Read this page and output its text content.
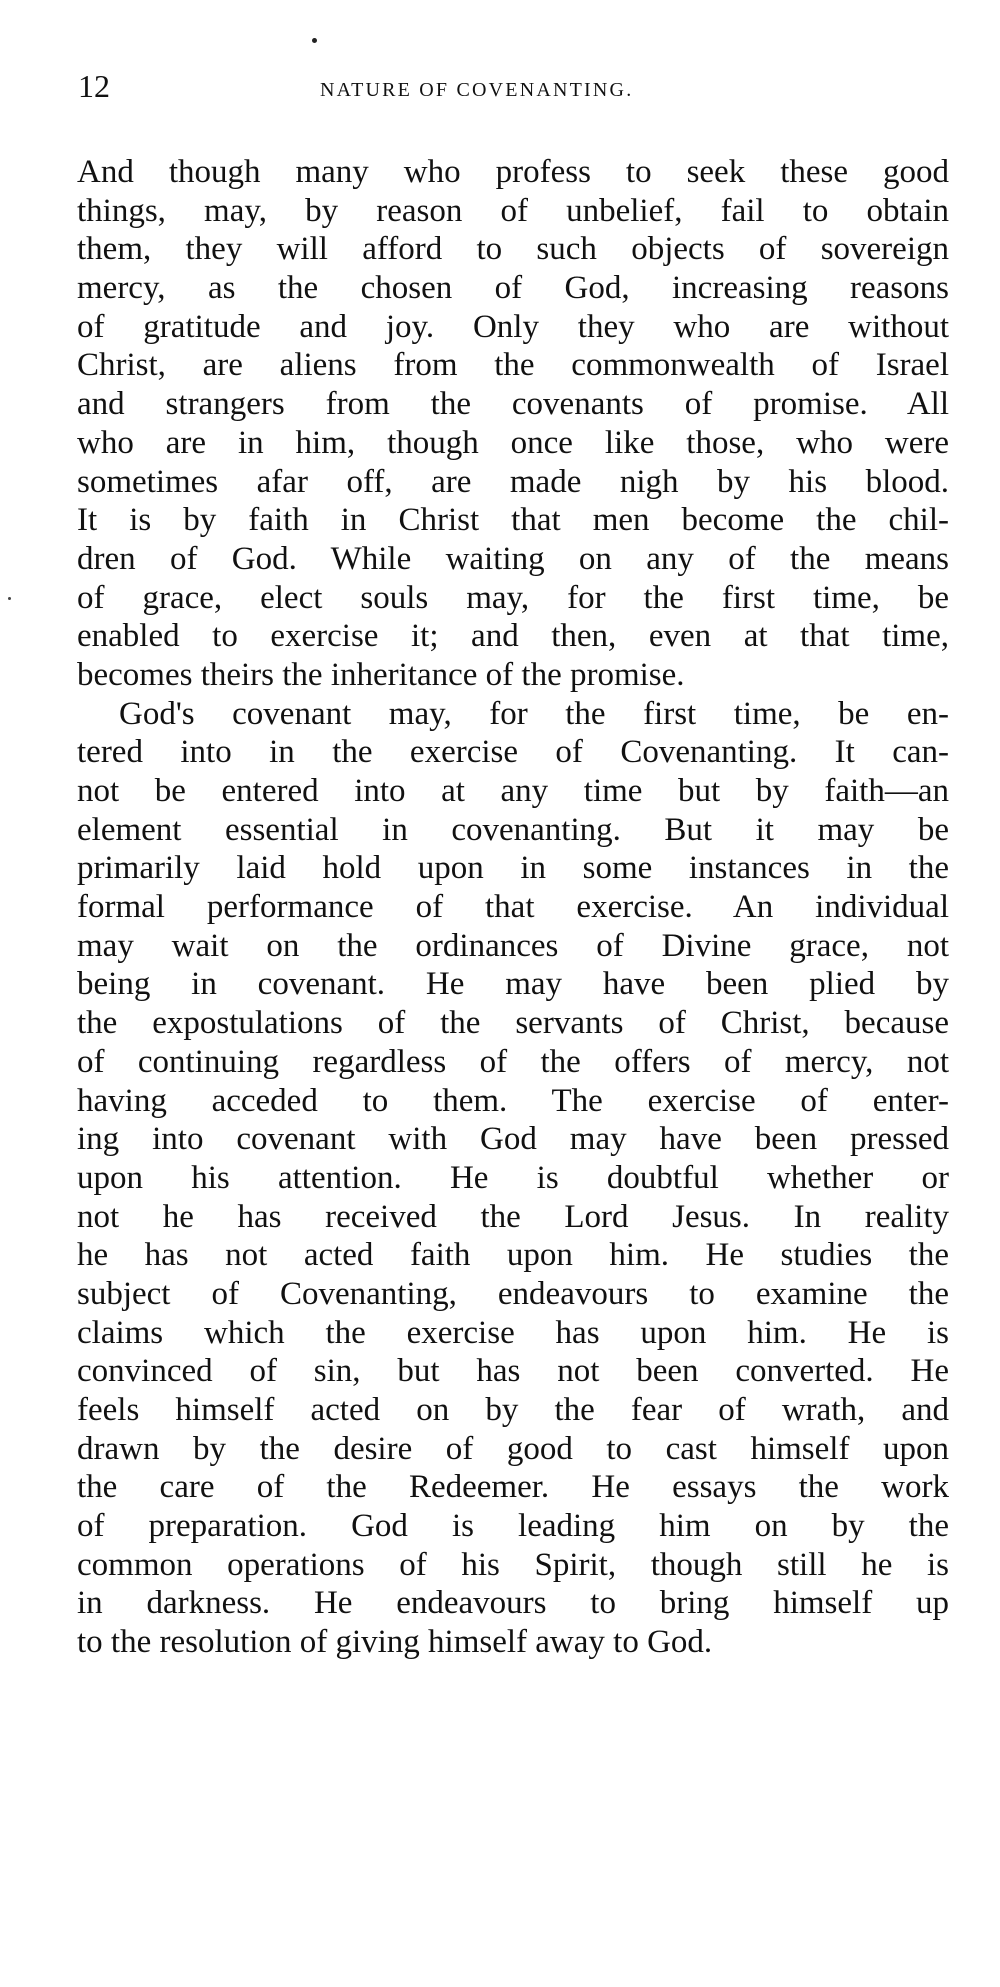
12	NATURE OF COVENANTING.
And though many who profess to seek these good
things, may, by reason of unbelief, fail to obtain
them, they will afford to such objects of sovereign
mercy, as the chosen of God, increasing reasons
of gratitude and joy. Only they who are without
Christ, are aliens from the commonwealth of Israel
and strangers from the covenants of promise. All
who are in him, though once like those, who were
sometimes afar off, are made nigh by his blood.
It is by faith in Christ that men become the chil-
dren of God. While waiting on any of the means
of grace, elect souls may, for the first time, be
enabled to exercise it; and then, even at that time,
becomes theirs the inheritance of the promise.
God's covenant may, for the first time, be en-
tered into in the exercise of Covenanting. It can-
not be entered into at any time but by faith—an
element essential in covenanting. But it may be
primarily laid hold upon in some instances in the
formal performance of that exercise. An individual
may wait on the ordinances of Divine grace, not
being in covenant. He may have been plied by
the expostulations of the servants of Christ, because
of continuing regardless of the offers of mercy, not
having acceded to them. The exercise of enter-
ing into covenant with God may have been pressed
upon his attention. He is doubtful whether or
not he has received the Lord Jesus. In reality
he has not acted faith upon him. He studies the
subject of Covenanting, endeavours to examine the
claims which the exercise has upon him. He is
convinced of sin, but has not been converted. He
feels himself acted on by the fear of wrath, and
drawn by the desire of good to cast himself upon
the care of the Redeemer. He essays the work
of preparation. God is leading him on by the
common operations of his Spirit, though still he is
in darkness. He endeavours to bring himself up
to the resolution of giving himself away to God.
